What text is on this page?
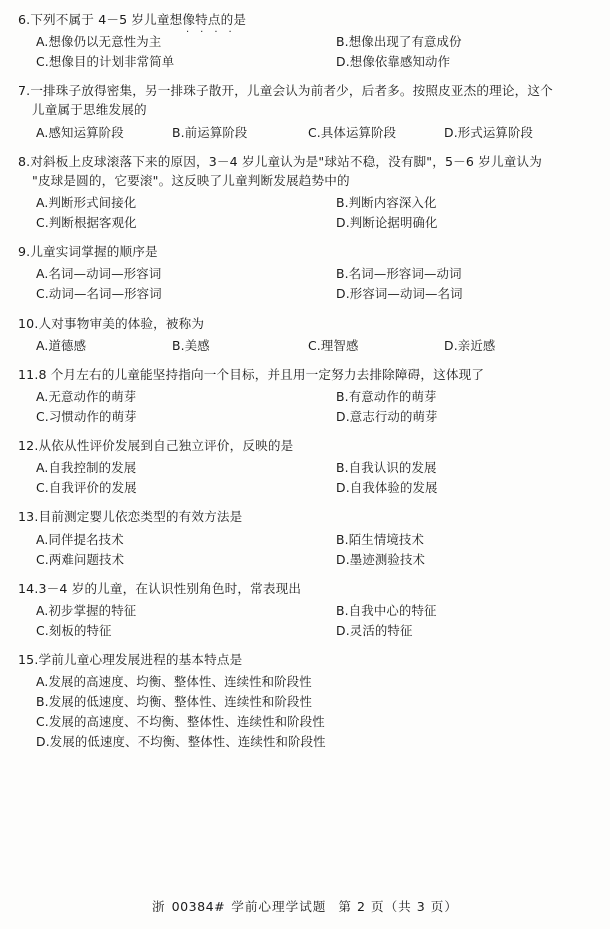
····
6.下列不属于 4－5 岁儿童想像特点的是
A.想像仍以无意性为主	B.想像出现了有意成份
C.想像目的计划非常简单	D.想像依靠感知动作
7.一排珠子放得密集，另一排珠子散开，儿童会认为前者少，后者多。按照皮亚杰的理论，这个
儿童属于思维发展的
A.感知运算阶段	B.前运算阶段	C.具体运算阶段	D.形式运算阶段
8.对斜板上皮球滚落下来的原因，3－4 岁儿童认为是"球站不稳，没有脚"，5－6 岁儿童认为
"皮球是圆的，它要滚"。这反映了儿童判断发展趋势中的
A.判断形式间接化	B.判断内容深入化
C.判断根据客观化	D.判断论据明确化
9.儿童实词掌握的顺序是
A.名词—动词—形容词	B.名词—形容词—动词
C.动词—名词—形容词	D.形容词—动词—名词
10.人对事物审美的体验，被称为
A.道德感	B.美感	C.理智感	D.亲近感
11.8 个月左右的儿童能坚持指向一个目标，并且用一定努力去排除障碍，这体现了
A.无意动作的萌芽	B.有意动作的萌芽
C.习惯动作的萌芽	D.意志行动的萌芽
12.从依从性评价发展到自己独立评价，反映的是
A.自我控制的发展	B.自我认识的发展
C.自我评价的发展	D.自我体验的发展
13.目前测定婴儿依恋类型的有效方法是
A.同伴提名技术	B.陌生情境技术
C.两难问题技术	D.墨迹测验技术
14.3－4 岁的儿童，在认识性别角色时，常表现出
A.初步掌握的特征	B.自我中心的特征
C.刻板的特征	D.灵活的特征
15.学前儿童心理发展进程的基本特点是
A.发展的高速度、均衡、整体性、连续性和阶段性
B.发展的低速度、均衡、整体性、连续性和阶段性
C.发展的高速度、不均衡、整体性、连续性和阶段性
D.发展的低速度、不均衡、整体性、连续性和阶段性
浙 00384# 学前心理学试题 第 2 页（共 3 页）
